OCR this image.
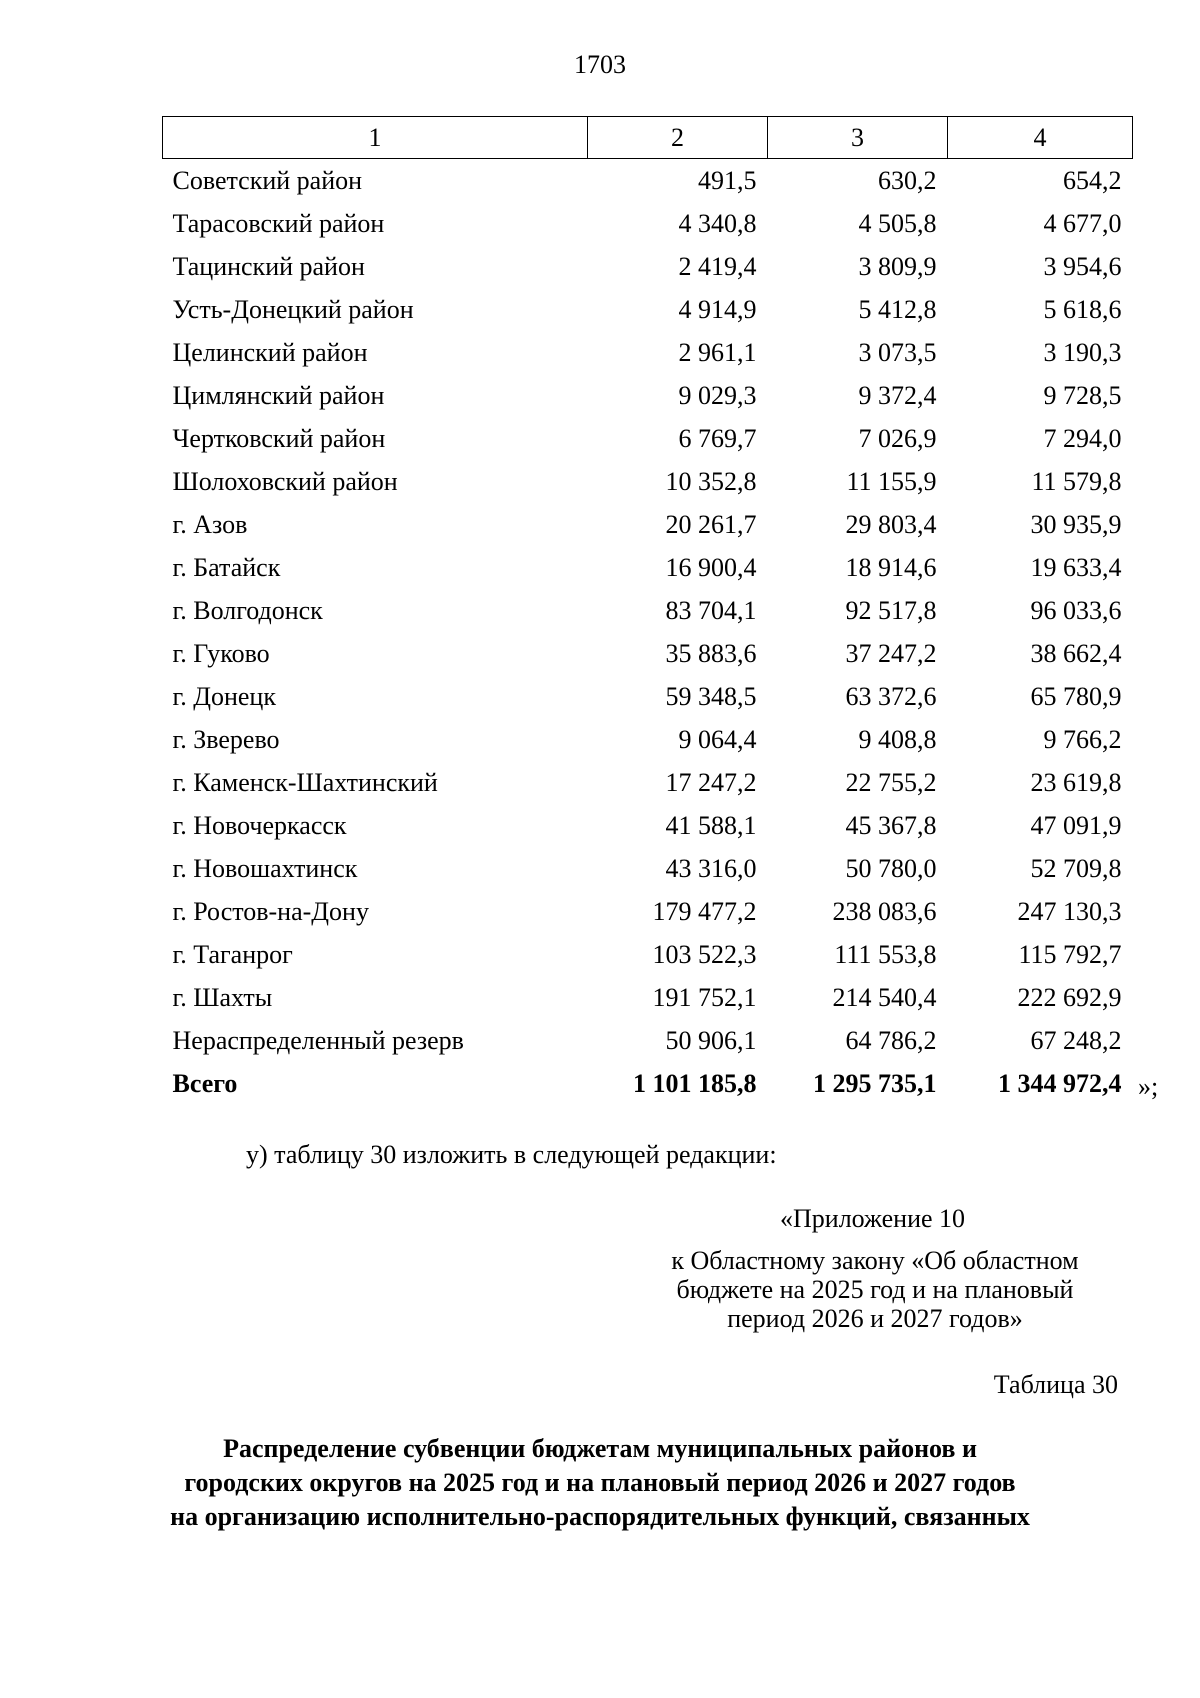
1703
1	2	3	4
Советский район	491,5	630,2	654,2
Тарасовский район	4 340,8	4 505,8	4 677,0
Тацинский район	2 419,4	3 809,9	3 954,6
Усть-Донецкий район	4 914,9	5 412,8	5 618,6
Целинский район	2 961,1	3 073,5	3 190,3
Цимлянский район	9 029,3	9 372,4	9 728,5
Чертковский район	6 769,7	7 026,9	7 294,0
Шолоховский район	10 352,8	11 155,9	11 579,8
г. Азов	20 261,7	29 803,4	30 935,9
г. Батайск	16 900,4	18 914,6	19 633,4
г. Волгодонск	83 704,1	92 517,8	96 033,6
г. Гуково	35 883,6	37 247,2	38 662,4
г. Донецк	59 348,5	63 372,6	65 780,9
г. Зверево	9 064,4	9 408,8	9 766,2
г. Каменск-Шахтинский	17 247,2	22 755,2	23 619,8
г. Новочеркасск	41 588,1	45 367,8	47 091,9
г. Новошахтинск	43 316,0	50 780,0	52 709,8
г. Ростов-на-Дону	179 477,2	238 083,6	247 130,3
г. Таганрог	103 522,3	111 553,8	115 792,7
г. Шахты	191 752,1	214 540,4	222 692,9
Нераспределенный резерв	50 906,1	64 786,2	67 248,2
Всего	1 101 185,8	1 295 735,1	1 344 972,4 »;
у) таблицу 30 изложить в следующей редакции:
«Приложение 10
к Областному закону «Об областном
бюджете на 2025 год и на плановый
период 2026 и 2027 годов»
Таблица 30
Распределение субвенции бюджетам муниципальных районов и
городских округов на 2025 год и на плановый период 2026 и 2027 годов
на организацию исполнительно-распорядительных функций, связанных
